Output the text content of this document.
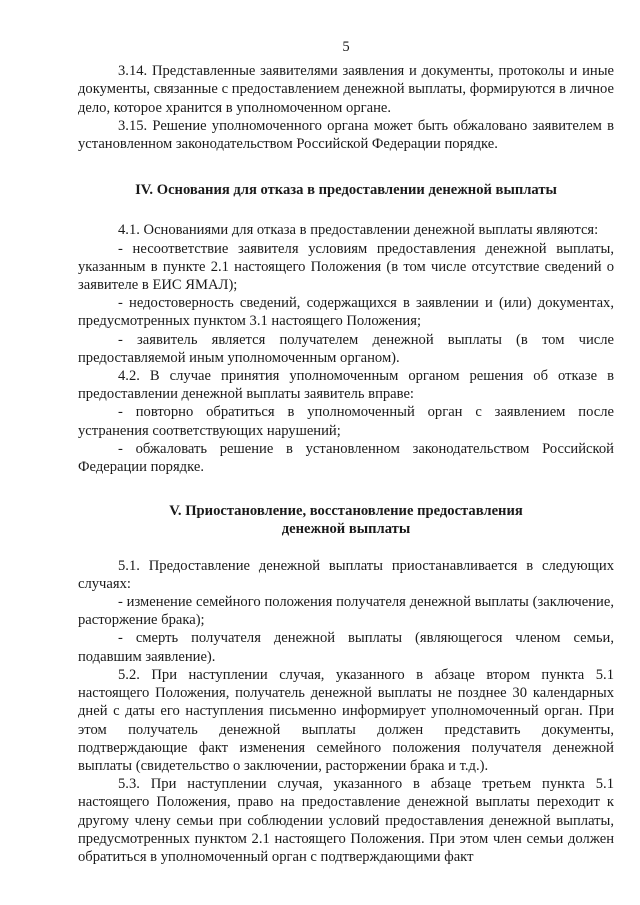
5

3.14. Представленные заявителями заявления и документы, протоколы и иные документы, связанные с предоставлением денежной выплаты, формируются в личное дело, которое хранится в уполномоченном органе.

3.15. Решение уполномоченного органа может быть обжаловано заявителем в установленном законодательством Российской Федерации порядке.

IV. Основания для отказа в предоставлении денежной выплаты

4.1. Основаниями для отказа в предоставлении денежной выплаты являются:

- несоответствие заявителя условиям предоставления денежной выплаты, указанным в пункте 2.1 настоящего Положения (в том числе отсутствие сведений о заявителе в ЕИС ЯМАЛ);

- недостоверность сведений, содержащихся в заявлении и (или) документах, предусмотренных пунктом 3.1 настоящего Положения;

- заявитель является получателем денежной выплаты (в том числе предоставляемой иным уполномоченным органом).

4.2. В случае принятия уполномоченным органом решения об отказе в предоставлении денежной выплаты заявитель вправе:

- повторно обратиться в уполномоченный орган с заявлением после устранения соответствующих нарушений;

- обжаловать решение в установленном законодательством Российской Федерации порядке.

V. Приостановление, восстановление предоставления
денежной выплаты

5.1. Предоставление денежной выплаты приостанавливается в следующих случаях:

- изменение семейного положения получателя денежной выплаты (заключение, расторжение брака);

- смерть получателя денежной выплаты (являющегося членом семьи, подавшим заявление).

5.2. При наступлении случая, указанного в абзаце втором пункта 5.1 настоящего Положения, получатель денежной выплаты не позднее 30 календарных дней с даты его наступления письменно информирует уполномоченный орган. При этом получатель денежной выплаты должен представить документы, подтверждающие факт изменения семейного положения получателя денежной выплаты (свидетельство о заключении, расторжении брака и т.д.).

5.3. При наступлении случая, указанного в абзаце третьем пункта 5.1 настоящего Положения, право на предоставление денежной выплаты переходит к другому члену семьи при соблюдении условий предоставления денежной выплаты, предусмотренных пунктом 2.1 настоящего Положения. При этом член семьи должен обратиться в уполномоченный орган с подтверждающими факт
